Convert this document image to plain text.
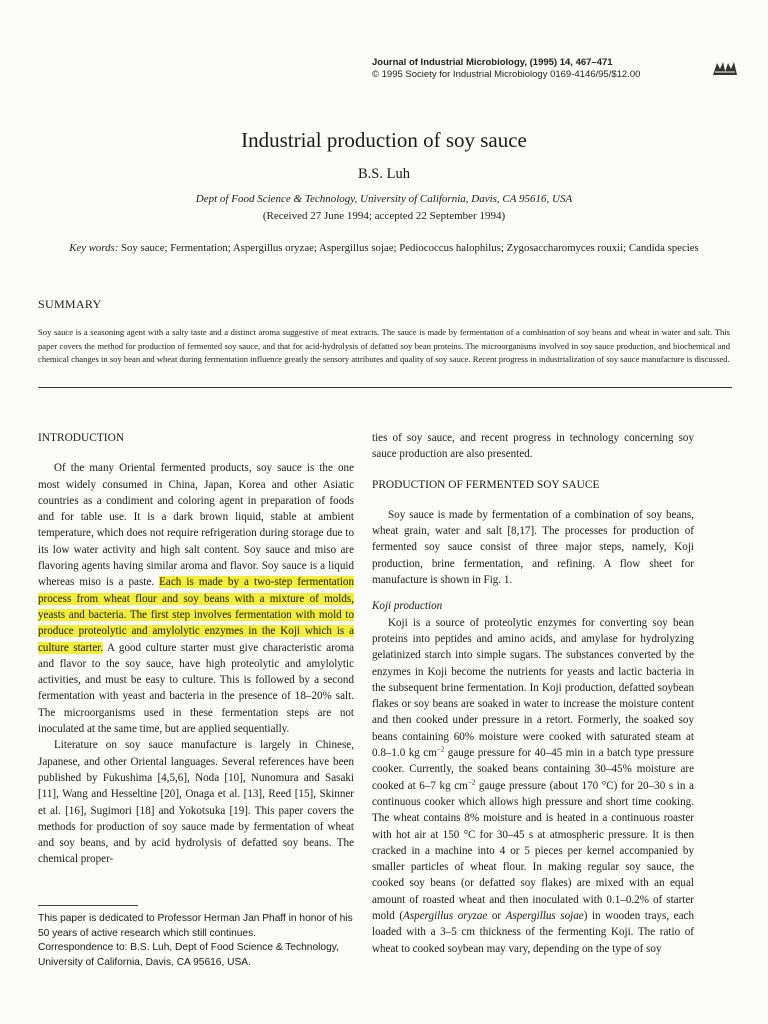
Journal of Industrial Microbiology, (1995) 14, 467–471
© 1995 Society for Industrial Microbiology 0169-4146/95/$12.00
Industrial production of soy sauce
B.S. Luh
Dept of Food Science & Technology, University of California, Davis, CA 95616, USA
(Received 27 June 1994; accepted 22 September 1994)
Key words: Soy sauce; Fermentation; Aspergillus oryzae; Aspergillus sojae; Pediococcus halophilus; Zygosaccharomyces rouxii; Candida species
SUMMARY
Soy sauce is a seasoning agent with a salty taste and a distinct aroma suggestive of meat extracts. The sauce is made by fermentation of a combination of soy beans and wheat in water and salt. This paper covers the method for production of fermented soy sauce, and that for acid-hydrolysis of defatted soy bean proteins. The microorganisms involved in soy sauce production, and biochemical and chemical changes in soy bean and wheat during fermentation influence greatly the sensory attributes and quality of soy sauce. Recent progress in industrialization of soy sauce manufacture is discussed.

INTRODUCTION

Of the many Oriental fermented products, soy sauce is the one most widely consumed in China, Japan, Korea and other Asiatic countries as a condiment and coloring agent in preparation of foods and for table use. It is a dark brown liquid, stable at ambient temperature, which does not require refrigeration during storage due to its low water activity and high salt content. Soy sauce and miso are flavoring agents having similar aroma and flavor. Soy sauce is a liquid whereas miso is a paste. Each is made by a two-step fermentation process from wheat flour and soy beans with a mixture of molds, yeasts and bacteria. The first step involves fermentation with mold to produce proteolytic and amylolytic enzymes in the Koji which is a culture starter. A good culture starter must give characteristic aroma and flavor to the soy sauce, have high proteolytic and amylolytic activities, and must be easy to culture. This is followed by a second fermentation with yeast and bacteria in the presence of 18–20% salt. The microorganisms used in these fermentation steps are not inoculated at the same time, but are applied sequentially.

Literature on soy sauce manufacture is largely in Chinese, Japanese, and other Oriental languages. Several references have been published by Fukushima [4,5,6], Noda [10], Nunomura and Sasaki [11], Wang and Hesseltine [20], Onaga et al. [13], Reed [15], Skinner et al. [16], Sugimori [18] and Yokotsuka [19]. This paper covers the methods for production of soy sauce made by fermentation of wheat and soy beans, and by acid hydrolysis of defatted soy beans. The chemical proper-

ties of soy sauce, and recent progress in technology concerning soy sauce production are also presented.

PRODUCTION OF FERMENTED SOY SAUCE

Soy sauce is made by fermentation of a combination of soy beans, wheat grain, water and salt [8,17]. The processes for production of fermented soy sauce consist of three major steps, namely, Koji production, brine fermentation, and refining. A flow sheet for manufacture is shown in Fig. 1.

Koji production

Koji is a source of proteolytic enzymes for converting soy bean proteins into peptides and amino acids, and amylase for hydrolyzing gelatinized starch into simple sugars. The substances converted by the enzymes in Koji become the nutrients for yeasts and lactic bacteria in the subsequent brine fermentation. In Koji production, defatted soybean flakes or soy beans are soaked in water to increase the moisture content and then cooked under pressure in a retort. Formerly, the soaked soy beans containing 60% moisture were cooked with saturated steam at 0.8–1.0 kg $cm^{-2}$ gauge pressure for 40–45 min in a batch type pressure cooker. Currently, the soaked beans containing 30–45% moisture are cooked at 6–7 kg $cm^{-2}$ gauge pressure (about 170 °C) for 20–30 s in a continuous cooker which allows high pressure and short time cooking. The wheat contains 8% moisture and is heated in a continuous roaster with hot air at 150 °C for 30–45 s at atmospheric pressure. It is then cracked in a machine into 4 or 5 pieces per kernel accompanied by smaller particles of wheat flour. In making regular soy sauce, the cooked soy beans (or defatted soy flakes) are mixed with an equal amount of roasted wheat and then inoculated with 0.1–0.2% of starter mold (Aspergillus oryzae or Aspergillus sojae) in wooden trays, each loaded with a 3–5 cm thickness of the fermenting Koji. The ratio of wheat to cooked soybean may vary, depending on the type of soy

This paper is dedicated to Professor Herman Jan Phaff in honor of his 50 years of active research which still continues.

Correspondence to: B.S. Luh, Dept of Food Science & Technology, University of California, Davis, CA 95616, USA.
